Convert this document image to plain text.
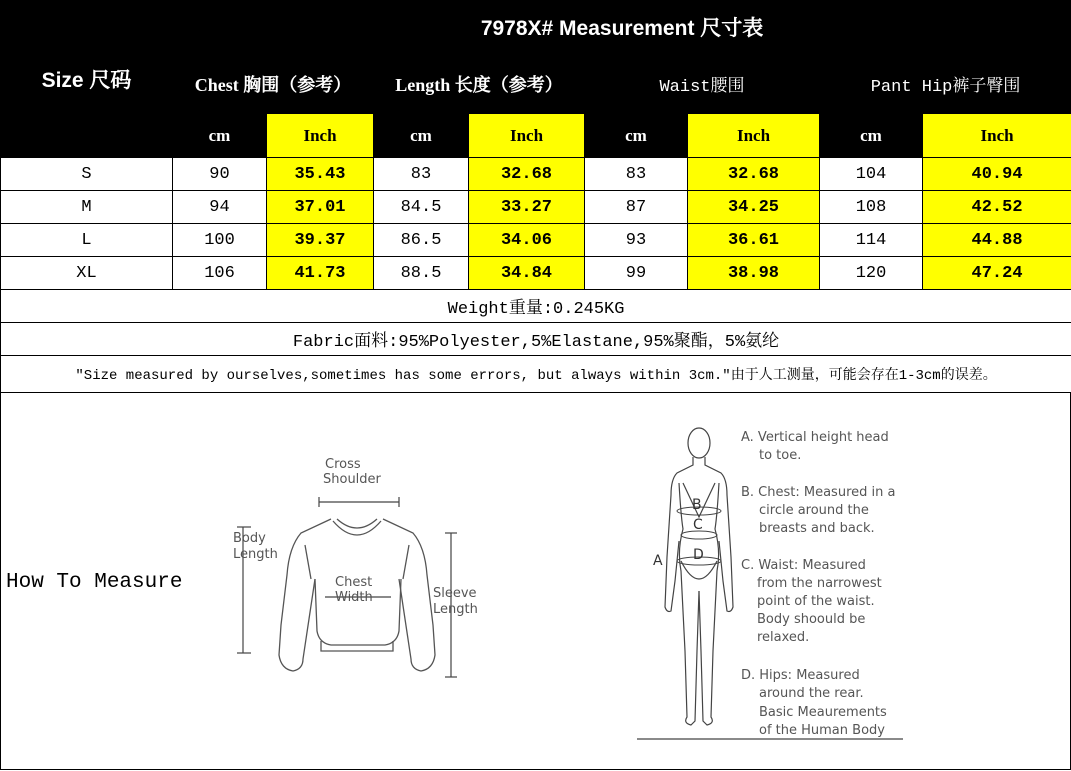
Size 尺码	7978X# Measurement 尺寸表							
	Chest 胸围（参考）		Length 长度（参考）		Waist腰围		Pant Hip裤子臀围	
	cm	Inch	cm	Inch	cm	Inch	cm	Inch
S	90	35.43	83	32.68	83	32.68	104	40.94
M	94	37.01	84.5	33.27	87	34.25	108	42.52
L	100	39.37	86.5	34.06	93	36.61	114	44.88
XL	106	41.73	88.5	34.84	99	38.98	120	47.24
Weight重量:0.245KG								
Fabric面料:95%Polyester,5%Elastane,95%聚酯，5%氨纶								
"Size measured by ourselves,sometimes has some errors, but always within 3cm."由于人工测量，可能会存在1-3cm的误差。								
How To Measure
Cross
Shoulder
Body
Length
Chest
Width	Sleeve
Length
B
C
D
A
A. Vertical height head
to toe.
B. Chest: Measured in a
circle around the
breasts and back.
C. Waist: Measured
from the narrowest
point of the waist.
Body shoould be
relaxed.
D. Hips: Measured
around the rear.
Basic Meaurements
of the Human Body
